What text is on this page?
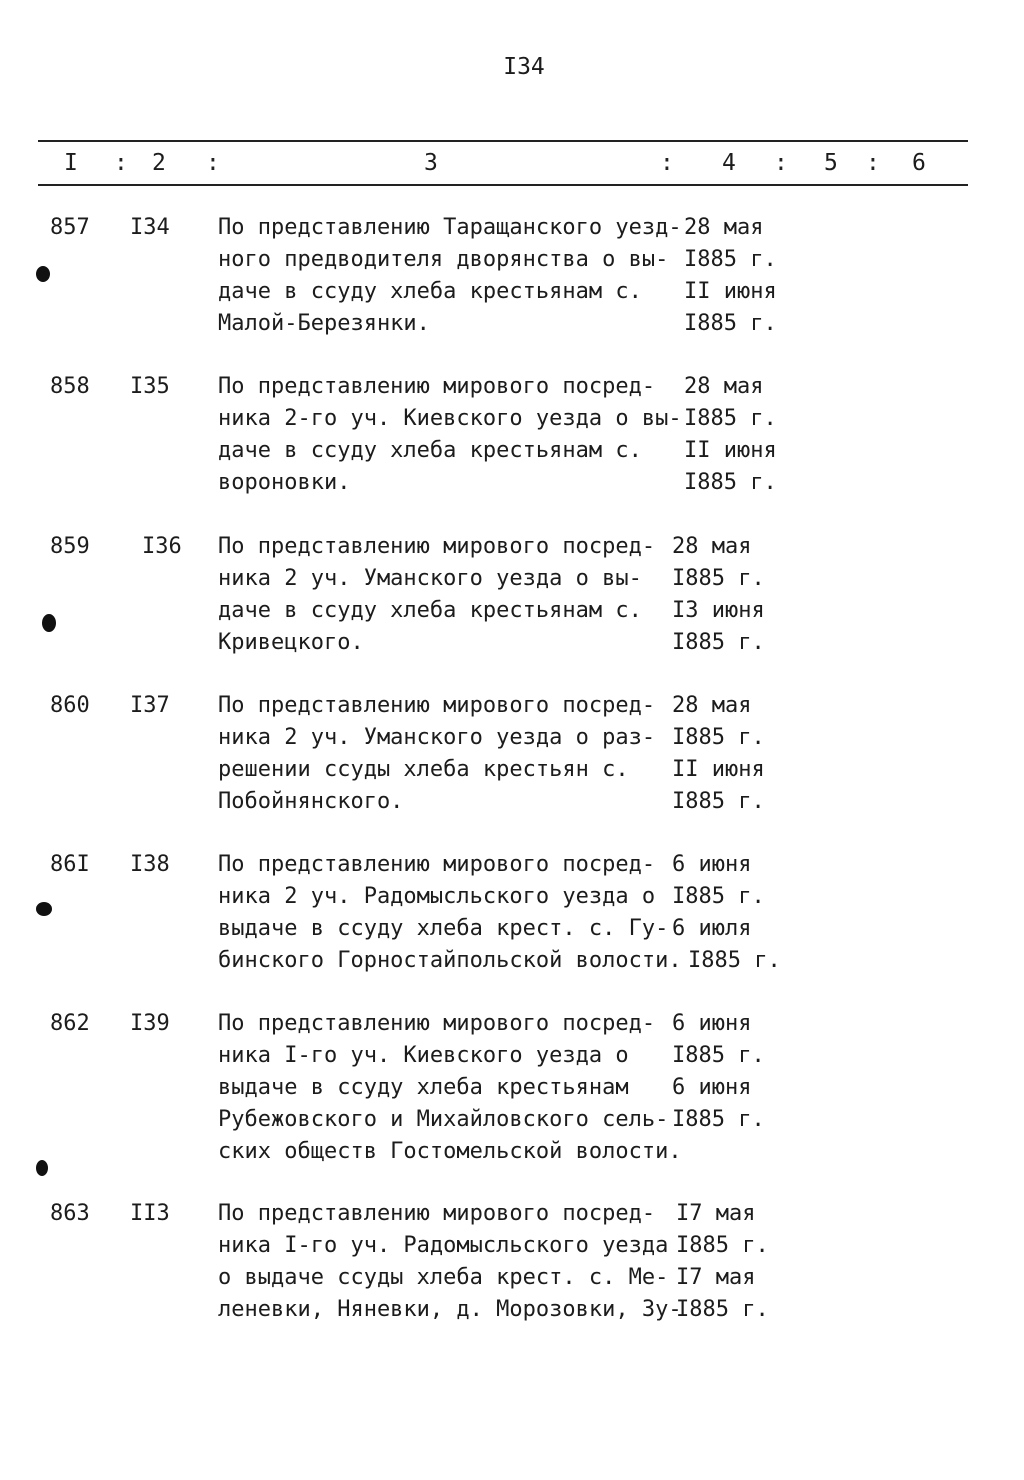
I34
I : 2 :	3	: 4 : 5 : 6
857 I34 По представлению Таращанского уезд-
ного предводителя дворянства о вы-
даче в ссуду хлеба крестьянам с.
Малой-Березянки.
28 мая
I885 г.
II июня
I885 г.
858 I35 По представлению мирового посред-
ника 2-го уч. Киевского уезда о вы-
даче в ссуду хлеба крестьянам с.
вороновки.
28 мая
I885 г.
II июня
I885 г.
859 I36 По представлению мирового посред-
ника 2 уч. Уманского уезда о вы-
даче в ссуду хлеба крестьянам с.
Кривецкого.
28 мая
I885 г.
I3 июня
I885 г.
860 I37 По представлению мирового посред-
ника 2 уч. Уманского уезда о раз-
решении ссуды хлеба крестьян с.
Побойнянского.
28 мая
I885 г.
II июня
I885 г.
86I I38 По представлению мирового посред-
ника 2 уч. Радомысльского уезда о
выдаче в ссуду хлеба крест. с. Гу-
бинского Горностайпольской волости.
6 июня
I885 г.
6 июля
I885 г.
862 I39 По представлению мирового посред-
ника I-го уч. Киевского уезда о
выдаче в ссуду хлеба крестьянам
Рубежовского и Михайловского сель-
ских обществ Гостомельской волости.
6 июня
I885 г.
6 июня
I885 г.
863 II3 По представлению мирового посред-
ника I-го уч. Радомысльского уезда
о выдаче ссуды хлеба крест. с. Ме-
леневки, Няневки, д. Морозовки, Зу-
I7 мая
I885 г.
I7 мая
I885 г.
